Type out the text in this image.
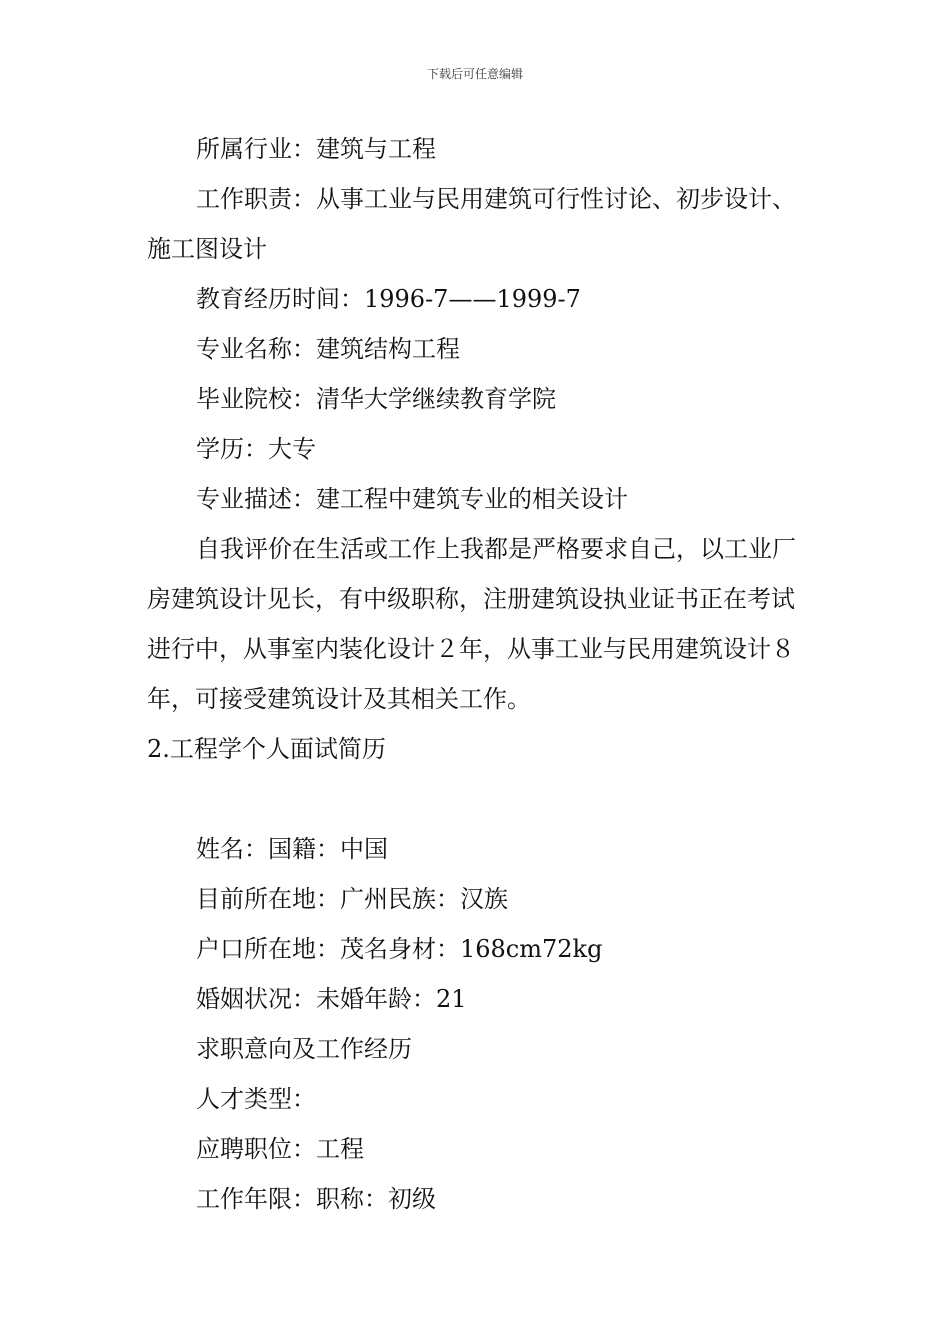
下载后可任意编辑

所属行业：建筑与工程

工作职责：从事工业与民用建筑可行性讨论、初步设计、施工图设计

教育经历时间：1996-7——1999-7

专业名称：建筑结构工程

毕业院校：清华大学继续教育学院

学历：大专

专业描述：建工程中建筑专业的相关设计

自我评价在生活或工作上我都是严格要求自己，以工业厂房建筑设计见长，有中级职称，注册建筑设执业证书正在考试进行中，从事室内装化设计２年，从事工业与民用建筑设计８年，可接受建筑设计及其相关工作。

2.工程学个人面试简历

姓名：国籍：中国

目前所在地：广州民族：汉族

户口所在地：茂名身材：168cm72kg

婚姻状况：未婚年龄：21

求职意向及工作经历

人才类型：

应聘职位：工程

工作年限：职称：初级
